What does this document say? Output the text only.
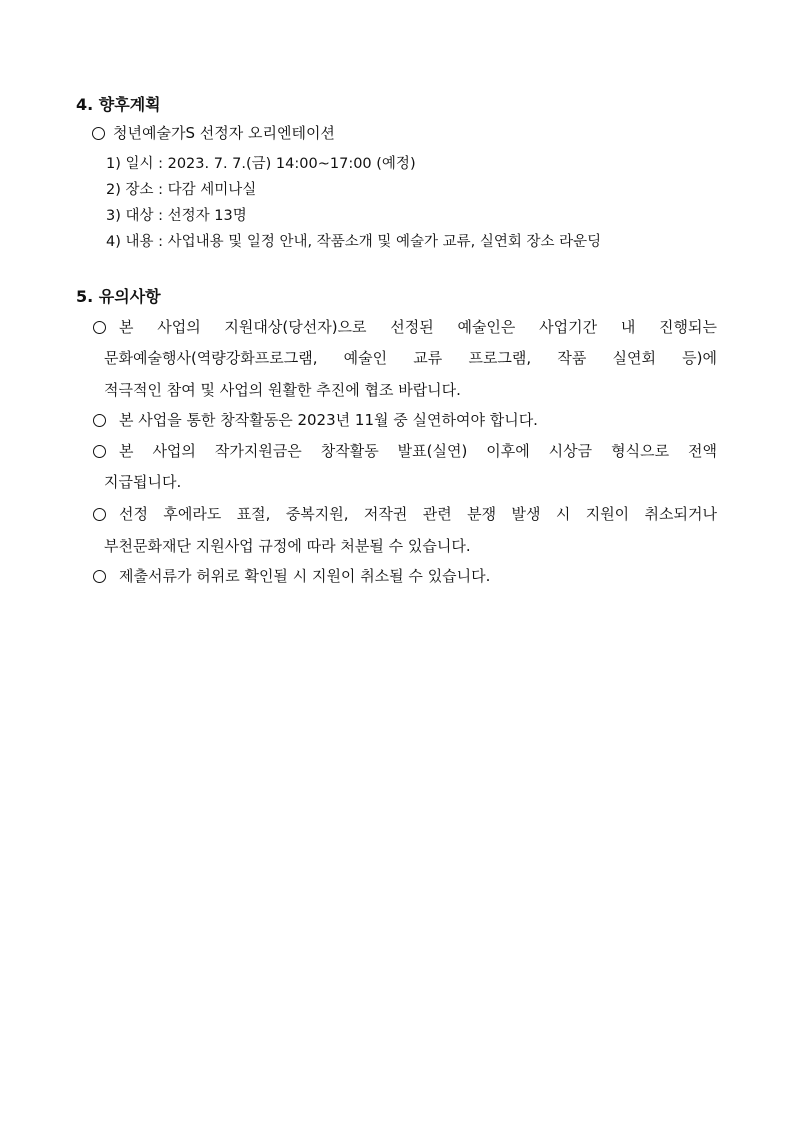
4. 향후계획
청년예술가S 선정자 오리엔테이션
1) 일시 : 2023. 7. 7.(금) 14:00~17:00 (예정)
2) 장소 : 다감 세미나실
3) 대상 : 선정자 13명
4) 내용 : 사업내용 및 일정 안내, 작품소개 및 예술가 교류, 실연회 장소 라운딩
5. 유의사항
본 사업의 지원대상(당선자)으로 선정된 예술인은 사업기간 내 진행되는
문화예술행사(역량강화프로그램, 예술인 교류 프로그램, 작품 실연회 등)에
적극적인 참여 및 사업의 원활한 추진에 협조 바랍니다.
본 사업을 통한 창작활동은 2023년 11월 중 실연하여야 합니다.
본 사업의 작가지원금은 창작활동 발표(실연) 이후에 시상금 형식으로 전액
지급됩니다.
선정 후에라도 표절, 중복지원, 저작권 관련 분쟁 발생 시 지원이 취소되거나
부천문화재단 지원사업 규정에 따라 처분될 수 있습니다.
제출서류가 허위로 확인될 시 지원이 취소될 수 있습니다.
